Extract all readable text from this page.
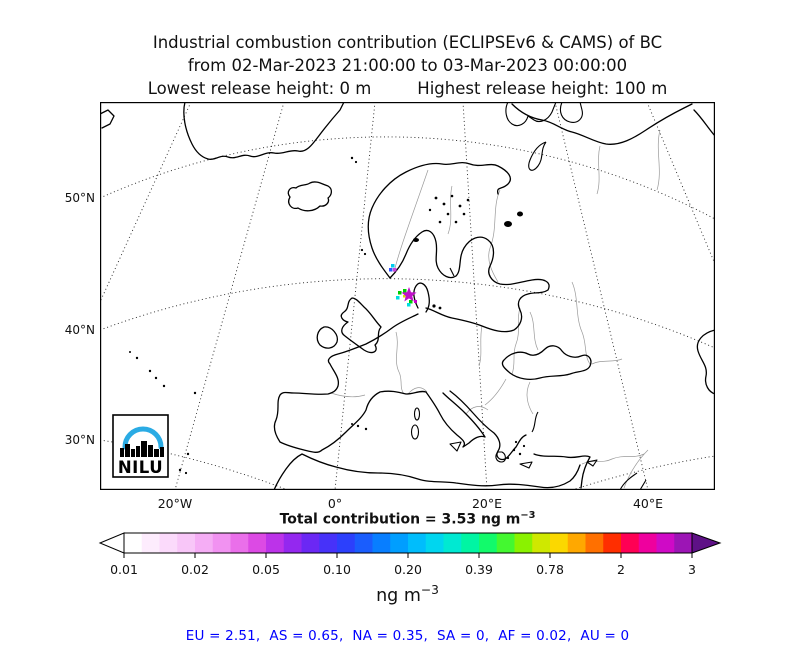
Industrial combustion contribution (ECLIPSEv6 & CAMS) of BC
from 02-Mar-2023 21:00:00 to 03-Mar-2023 00:00:00
Lowest release height: 0 m	Highest release height: 100 m
50°N
40°N
30°N
NILU
20°W	0°	20°E	40°E
Total contribution = 3.53 ng $m^{-3}$
0.01	0.02	0.05	0.10	0.20	0.39	0.78	2	3
ng $m^{-3}$
EU = 2.51,  AS = 0.65,  NA = 0.35,  SA = 0,  AF = 0.02,  AU = 0
